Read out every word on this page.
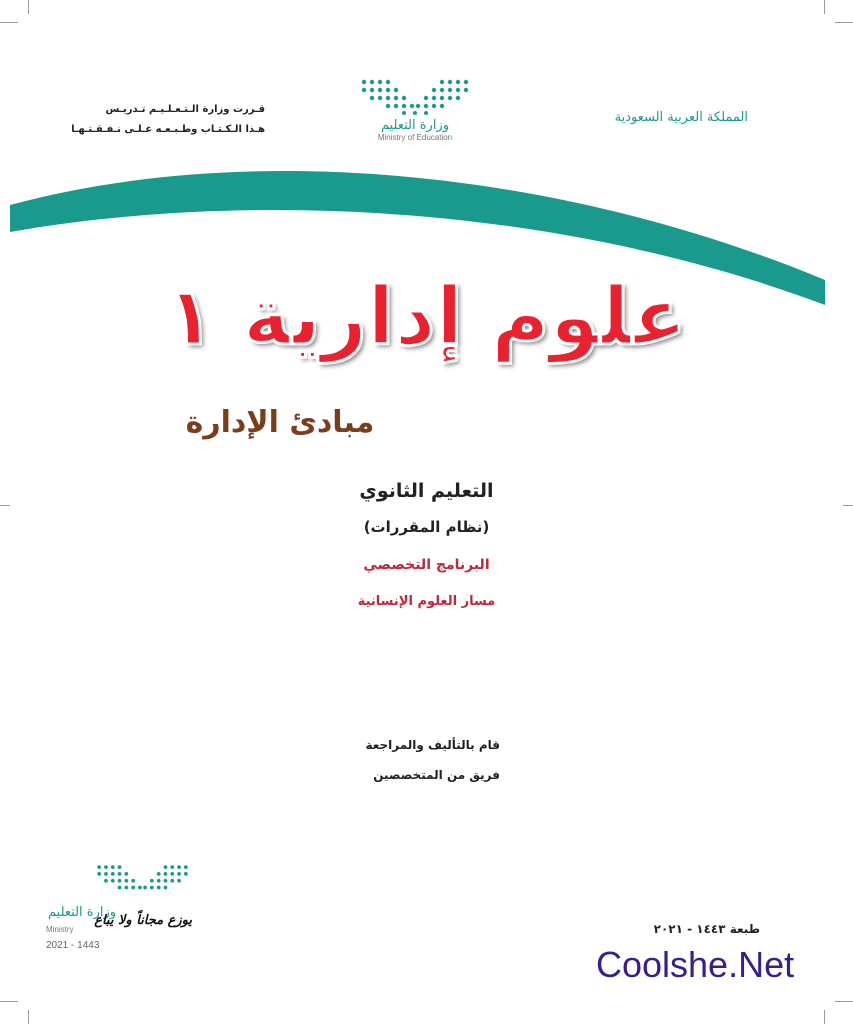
المملكة العربية السعودية
قـررت وزارة الـتـعـلـيـم تـدريـس
هـذا الـكـتـاب وطـبـعـه عـلـى نـفـقـتـهـا	وزارة التعليم
Ministry of Education
علوم إدارية ١
مبادئ الإدارة
التعليم الثانوي
(نظام المقررات)
البرنامج التخصصي
مسار العلوم الإنسانية
قام بالتأليف والمراجعة
فريق من المتخصصين
طبعة ١٤٤٣ - ٢٠٢١
وزارة التعليم
Ministry
2021 - 1443
يوزع مجاناً ولا يباع
Coolshe.Net
